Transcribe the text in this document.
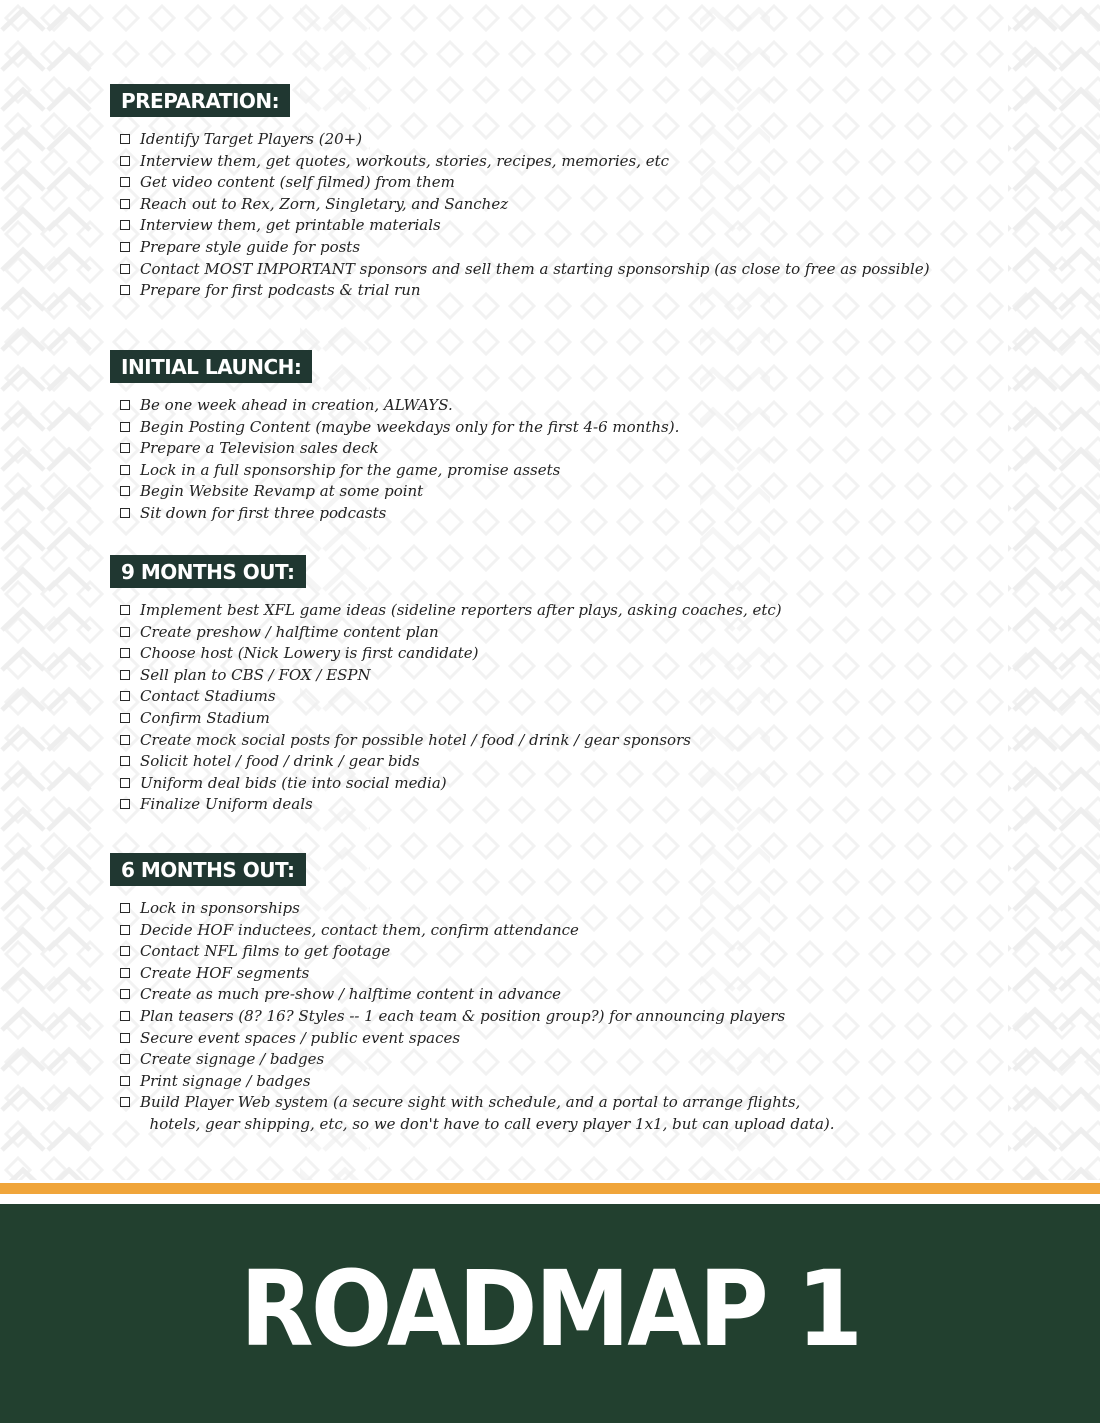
PREPARATION:
Identify Target Players (20+)
Interview them, get quotes, workouts, stories, recipes, memories, etc
Get video content (self filmed) from them
Reach out to Rex, Zorn, Singletary, and Sanchez
Interview them, get printable materials
Prepare style guide for posts
Contact MOST IMPORTANT sponsors and sell them a starting sponsorship (as close to free as possible)
Prepare for first podcasts & trial run
INITIAL LAUNCH:
Be one week ahead in creation, ALWAYS.
Begin Posting Content (maybe weekdays only for the first 4-6 months).
Prepare a Television sales deck
Lock in a full sponsorship for the game, promise assets
Begin Website Revamp at some point
Sit down for first three podcasts
9 MONTHS OUT:
Implement best XFL game ideas (sideline reporters after plays, asking coaches, etc)
Create preshow / halftime content plan
Choose host (Nick Lowery is first candidate)
Sell plan to CBS / FOX / ESPN
Contact Stadiums
Confirm Stadium
Create mock social posts for possible hotel / food / drink / gear sponsors
Solicit hotel / food / drink / gear bids
Uniform deal bids (tie into social media)
Finalize Uniform deals
6 MONTHS OUT:
Lock in sponsorships
Decide HOF inductees, contact them, confirm attendance
Contact NFL films to get footage
Create HOF segments
Create as much pre-show / halftime content in advance
Plan teasers (8? 16? Styles -- 1 each team & position group?) for announcing players
Secure event spaces / public event spaces
Create signage / badges
Print signage / badges
Build Player Web system (a secure sight with schedule, and a portal to arrange flights,
hotels, gear shipping, etc, so we don't have to call every player 1x1, but can upload data).
ROADMAP 1
